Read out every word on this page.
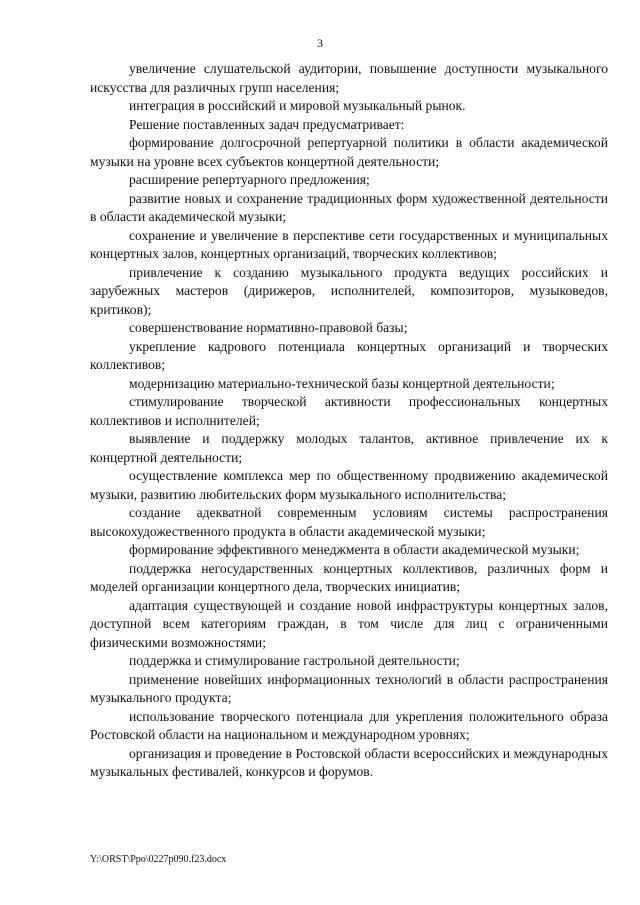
3

увеличение слушательской аудитории, повышение доступности музыкального искусства для различных групп населения;

интеграция в российский и мировой музыкальный рынок.

Решение поставленных задач предусматривает:

формирование долгосрочной репертуарной политики в области академической музыки на уровне всех субъектов концертной деятельности;

расширение репертуарного предложения;

развитие новых и сохранение традиционных форм художественной деятельности в области академической музыки;

сохранение и увеличение в перспективе сети государственных и муниципальных концертных залов, концертных организаций, творческих коллективов;

привлечение к созданию музыкального продукта ведущих российских и зарубежных мастеров (дирижеров, исполнителей, композиторов, музыковедов, критиков);

совершенствование нормативно-правовой базы;

укрепление кадрового потенциала концертных организаций и творческих коллективов;

модернизацию материально-технической базы концертной деятельности;

стимулирование творческой активности профессиональных концертных коллективов и исполнителей;

выявление и поддержку молодых талантов, активное привлечение их к концертной деятельности;

осуществление комплекса мер по общественному продвижению академической музыки, развитию любительских форм музыкального исполнительства;

создание адекватной современным условиям системы распространения высокохудожественного продукта в области академической музыки;

формирование эффективного менеджмента в области академической музыки;

поддержка негосударственных концертных коллективов, различных форм и моделей организации концертного дела, творческих инициатив;

адаптация существующей и создание новой инфраструктуры концертных залов, доступной всем категориям граждан, в том числе для лиц с ограниченными физическими возможностями;

поддержка и стимулирование гастрольной деятельности;

применение новейших информационных технологий в области распространения музыкального продукта;

использование творческого потенциала для укрепления положительного образа Ростовской области на национальном и международном уровнях;

организация и проведение в Ростовской области всероссийских и международных музыкальных фестивалей, конкурсов и форумов.

Y:\ORST\Ppo\0227p090.f23.docx
